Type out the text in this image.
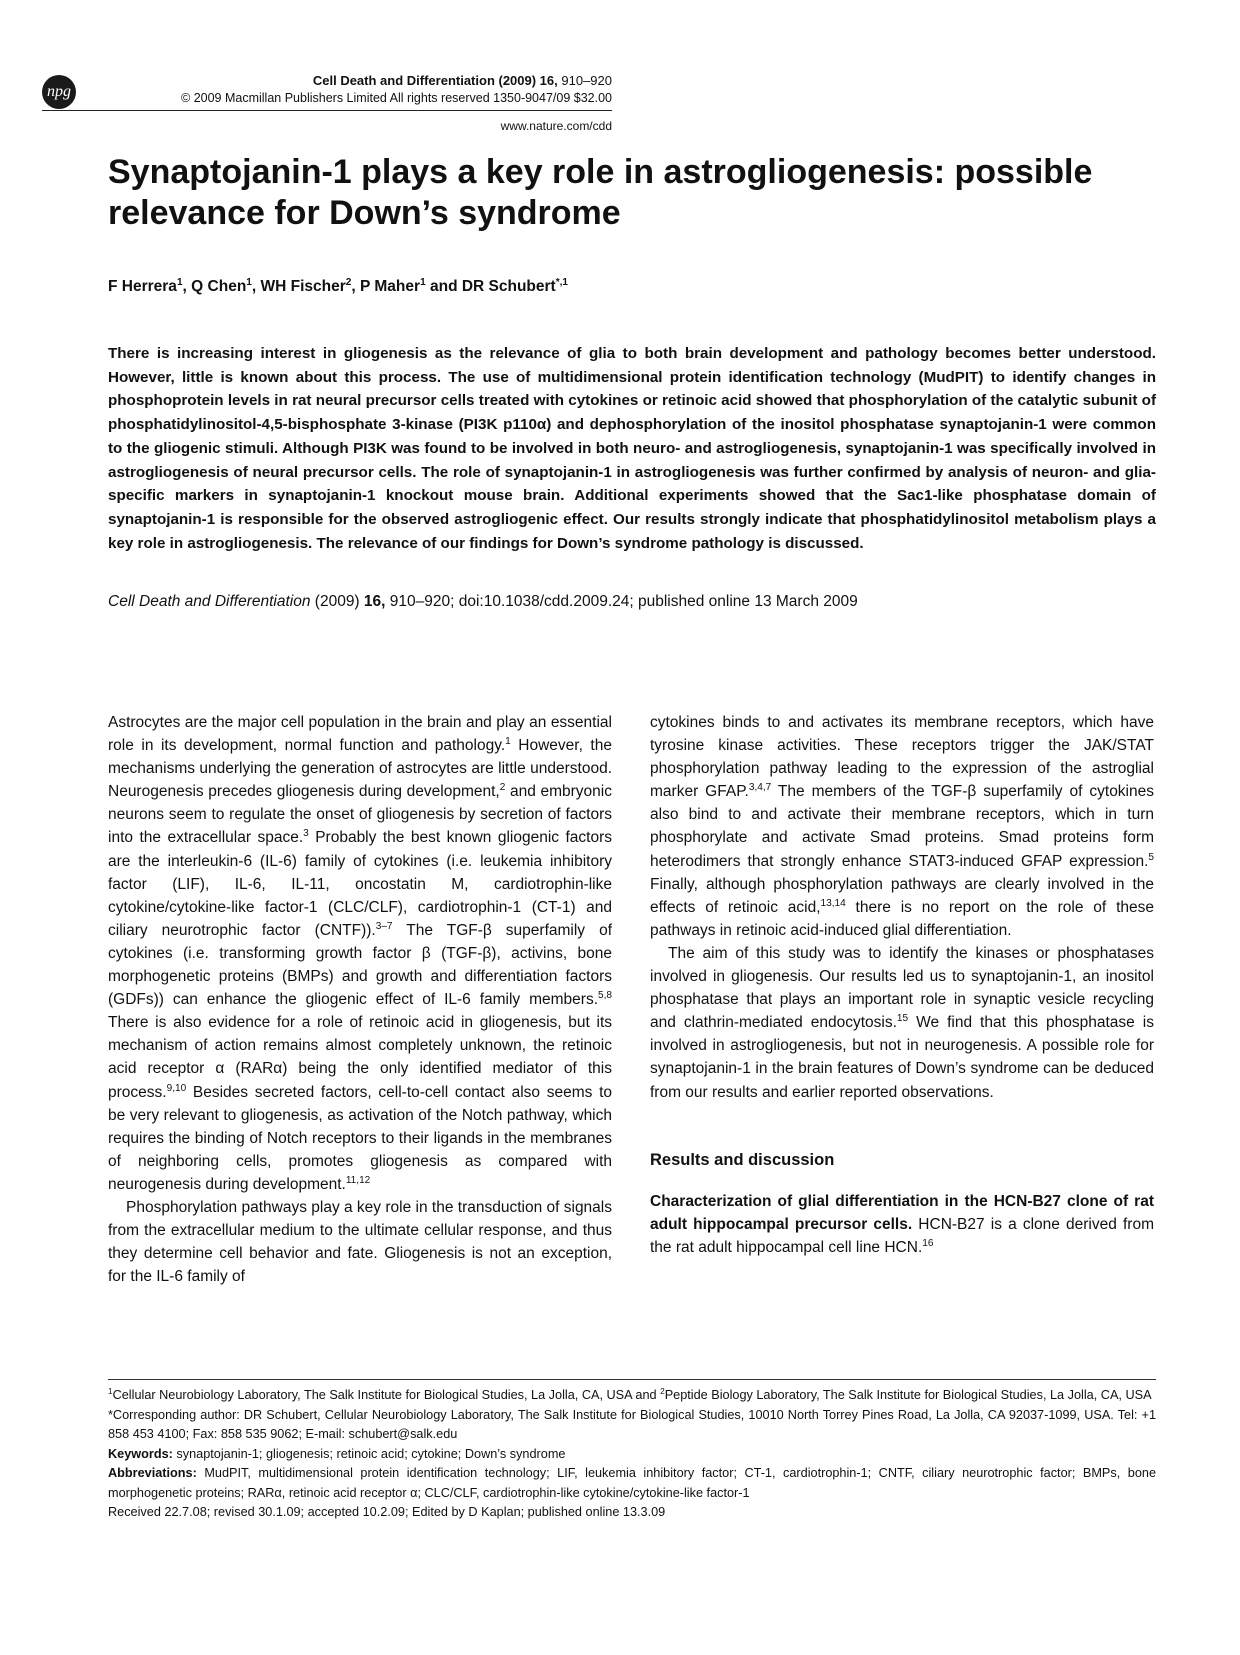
npg
Cell Death and Differentiation (2009) 16, 910–920
© 2009 Macmillan Publishers Limited All rights reserved 1350-9047/09 $32.00
www.nature.com/cdd
Synaptojanin-1 plays a key role in astrogliogenesis: possible relevance for Down’s syndrome
F Herrera$^1$, Q Chen$^1$, WH Fischer$^2$, P Maher$^1$ and DR Schubert$^{*,1}$
There is increasing interest in gliogenesis as the relevance of glia to both brain development and pathology becomes better understood. However, little is known about this process. The use of multidimensional protein identification technology (MudPIT) to identify changes in phosphoprotein levels in rat neural precursor cells treated with cytokines or retinoic acid showed that phosphorylation of the catalytic subunit of phosphatidylinositol-4,5-bisphosphate 3-kinase (PI3K p110α) and dephosphorylation of the inositol phosphatase synaptojanin-1 were common to the gliogenic stimuli. Although PI3K was found to be involved in both neuro- and astrogliogenesis, synaptojanin-1 was specifically involved in astrogliogenesis of neural precursor cells. The role of synaptojanin-1 in astrogliogenesis was further confirmed by analysis of neuron- and glia-specific markers in synaptojanin-1 knockout mouse brain. Additional experiments showed that the Sac1-like phosphatase domain of synaptojanin-1 is responsible for the observed astrogliogenic effect. Our results strongly indicate that phosphatidylinositol metabolism plays a key role in astrogliogenesis. The relevance of our findings for Down’s syndrome pathology is discussed.
Cell Death and Differentiation (2009) 16, 910–920; doi:10.1038/cdd.2009.24; published online 13 March 2009

Astrocytes are the major cell population in the brain and play an essential role in its development, normal function and pathology.$^1$ However, the mechanisms underlying the generation of astrocytes are little understood. Neurogenesis precedes gliogenesis during development,$^2$ and embryonic neurons seem to regulate the onset of gliogenesis by secretion of factors into the extracellular space.$^3$ Probably the best known gliogenic factors are the interleukin-6 (IL-6) family of cytokines (i.e. leukemia inhibitory factor (LIF), IL-6, IL-11, oncostatin M, cardiotrophin-like cytokine/cytokine-like factor-1 (CLC/CLF), cardiotrophin-1 (CT-1) and ciliary neurotrophic factor (CNTF)).$^{3-7}$ The TGF-β superfamily of cytokines (i.e. transforming growth factor β (TGF-β), activins, bone morphogenetic proteins (BMPs) and growth and differentiation factors (GDFs)) can enhance the gliogenic effect of IL-6 family members.$^{5,8}$ There is also evidence for a role of retinoic acid in gliogenesis, but its mechanism of action remains almost completely unknown, the retinoic acid receptor α (RARα) being the only identified mediator of this process.$^{9,10}$ Besides secreted factors, cell-to-cell contact also seems to be very relevant to gliogenesis, as activation of the Notch pathway, which requires the binding of Notch receptors to their ligands in the membranes of neighboring cells, promotes gliogenesis as compared with neurogenesis during development.$^{11,12}$

Phosphorylation pathways play a key role in the transduction of signals from the extracellular medium to the ultimate cellular response, and thus they determine cell behavior and fate. Gliogenesis is not an exception, for the IL-6 family of

cytokines binds to and activates its membrane receptors, which have tyrosine kinase activities. These receptors trigger the JAK/STAT phosphorylation pathway leading to the expression of the astroglial marker GFAP.$^{3,4,7}$ The members of the TGF-β superfamily of cytokines also bind to and activate their membrane receptors, which in turn phosphorylate and activate Smad proteins. Smad proteins form heterodimers that strongly enhance STAT3-induced GFAP expression.$^5$ Finally, although phosphorylation pathways are clearly involved in the effects of retinoic acid,$^{13,14}$ there is no report on the role of these pathways in retinoic acid-induced glial differentiation.

The aim of this study was to identify the kinases or phosphatases involved in gliogenesis. Our results led us to synaptojanin-1, an inositol phosphatase that plays an important role in synaptic vesicle recycling and clathrin-mediated endocytosis.$^{15}$ We find that this phosphatase is involved in astrogliogenesis, but not in neurogenesis. A possible role for synaptojanin-1 in the brain features of Down’s syndrome can be deduced from our results and earlier reported observations.

Results and discussion

Characterization of glial differentiation in the HCN-B27 clone of rat adult hippocampal precursor cells. HCN-B27 is a clone derived from the rat adult hippocampal cell line HCN.$^{16}$

$^1$Cellular Neurobiology Laboratory, The Salk Institute for Biological Studies, La Jolla, CA, USA and $^2$Peptide Biology Laboratory, The Salk Institute for Biological Studies, La Jolla, CA, USA

*Corresponding author: DR Schubert, Cellular Neurobiology Laboratory, The Salk Institute for Biological Studies, 10010 North Torrey Pines Road, La Jolla, CA 92037-1099, USA. Tel: +1 858 453 4100; Fax: 858 535 9062; E-mail: schubert@salk.edu

Keywords: synaptojanin-1; gliogenesis; retinoic acid; cytokine; Down’s syndrome

Abbreviations: MudPIT, multidimensional protein identification technology; LIF, leukemia inhibitory factor; CT-1, cardiotrophin-1; CNTF, ciliary neurotrophic factor; BMPs, bone morphogenetic proteins; RARα, retinoic acid receptor α; CLC/CLF, cardiotrophin-like cytokine/cytokine-like factor-1

Received 22.7.08; revised 30.1.09; accepted 10.2.09; Edited by D Kaplan; published online 13.3.09
